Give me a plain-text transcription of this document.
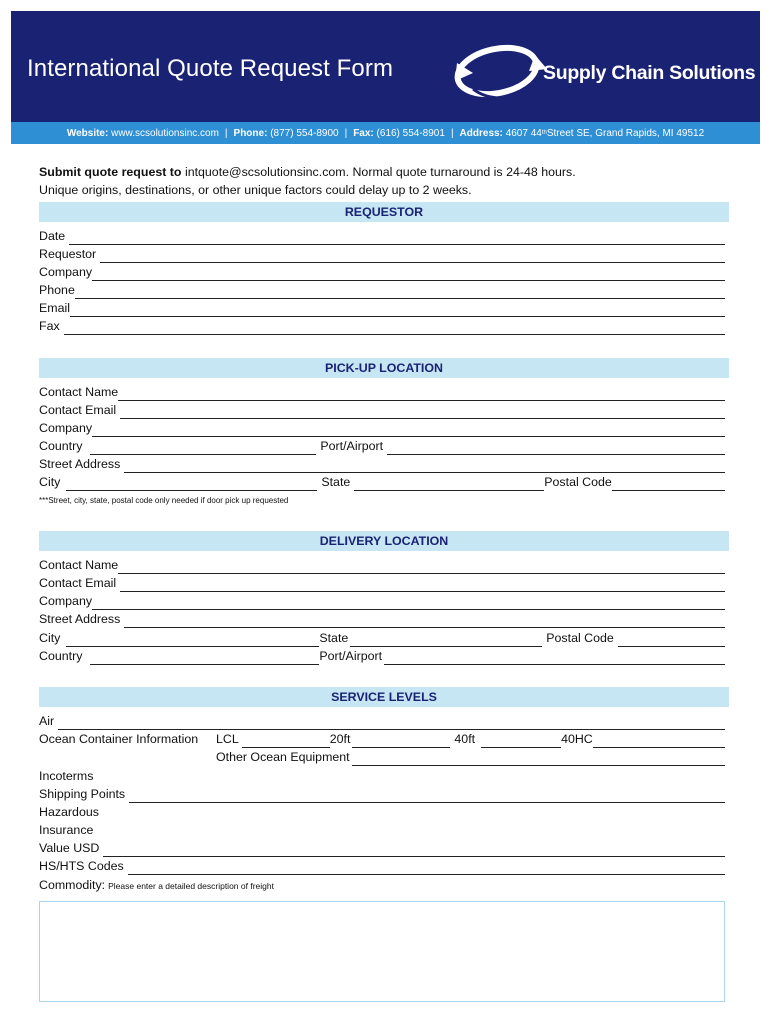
International Quote Request Form	Supply Chain Solutions
Website:
www.scsolutionsinc.com | Phone:
(877) 554-8900 | Fax:
(616) 554-8901 | Address:
4607 44 th Street SE, Grand Rapids, MI 49512
Submit quote request to intquote@scsolutionsinc.com. Normal quote turnaround is 24-48 hours.
Unique origins, destinations, or other unique factors could delay up to 2 weeks.
REQUESTOR
Date
Requestor
Company
Phone
Email
Fax
PICK-UP LOCATION
Contact Name
Contact Email
Company
Country	Port/Airport
Street Address
City	State	Postal Code
***Street, city, state, postal code only needed if door pick up requested
DELIVERY LOCATION
Contact Name
Contact Email
Company
Street Address
City	State	Postal Code
Country	Port/Airport
SERVICE LEVELS
Air
Ocean Container Information	LCL	20ft	40ft	40HC
Other Ocean Equipment
Incoterms
Shipping Points
Hazardous
Insurance
Value USD
HS/HTS Codes
Commodity: Please enter a detailed description of freight
